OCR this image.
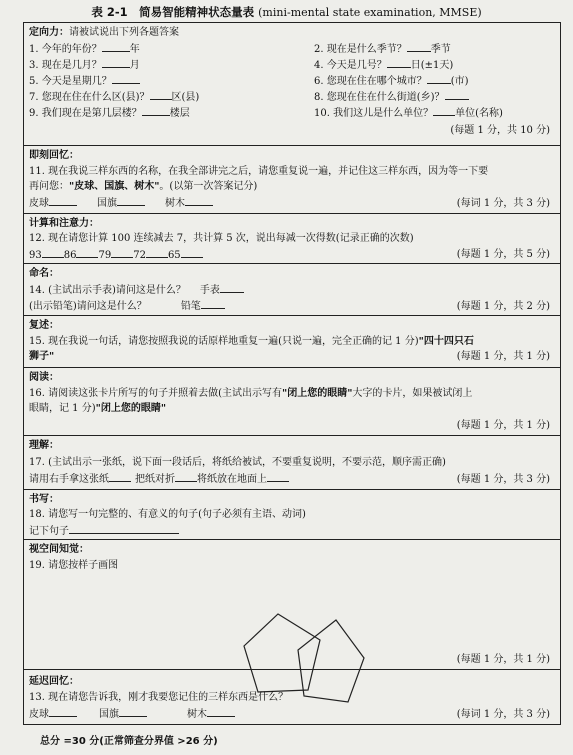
表 2-1　简易智能精神状态量表 (mini-mental state examination, MMSE)
定向力：请被试说出下列各题答案
1. 今年的年份？	年	2. 现在是什么季节？ 季节
3. 现在是几月？	月	4. 今天是几号？ 日(±1天)
5. 今天是星期几？	6. 您现在住在哪个城市？ (市)
7. 您现在住在什么区(县)？ 区(县)	8. 您现在住在什么街道(乡)？
9. 我们现在是第几层楼？	楼层	10. 我们这儿是什么单位？ 单位(名称)
(每题 1 分，共 10 分)
即刻回忆：
11. 现在我说三样东西的名称，在我全部讲完之后，请您重复说一遍，并记住这三样东西，因为等一下要
再问您："皮球、国旗、树木"。(以第一次答案记分)
皮球	国旗	树木	(每词 1 分，共 3 分)
计算和注意力：
12. 现在请您计算 100 连续减去 7，共计算 5 次，说出每减一次得数(记录正确的次数)
93 86 79 72 65	(每题 1 分，共 5 分)
命名：
14. (主试出示手表)请问这是什么？ 手表
(出示铅笔)请问这是什么？	铅笔	(每题 1 分，共 2 分)
复述：
15. 现在我说一句话，请您按照我说的话原样地重复一遍(只说一遍，完全正确的记 1 分)"四十四只石
狮子"	(每题 1 分，共 1 分)
阅读：
16. 请阅读这张卡片所写的句子并照着去做(主试出示写有"闭上您的眼睛"大字的卡片，如果被试闭上
眼睛，记 1 分)"闭上您的眼睛"
(每题 1 分，共 1 分)
理解：
17. (主试出示一张纸，说下面一段话后，将纸给被试，不要重复说明，不要示范，顺序需正确)
请用右手拿这张纸	把纸对折 将纸放在地面上	(每题 1 分，共 3 分)
书写：
18. 请您写一句完整的、有意义的句子(句子必须有主语、动词)
记下句子
视空间知觉：
19. 请您按样子画图
(每题 1 分，共 1 分)
延迟回忆：
13. 现在请您告诉我，刚才我要您记住的三样东西是什么？
皮球	国旗	树木	(每词 1 分，共 3 分)
总分 =30 分(正常筛查分界值 >26 分)
